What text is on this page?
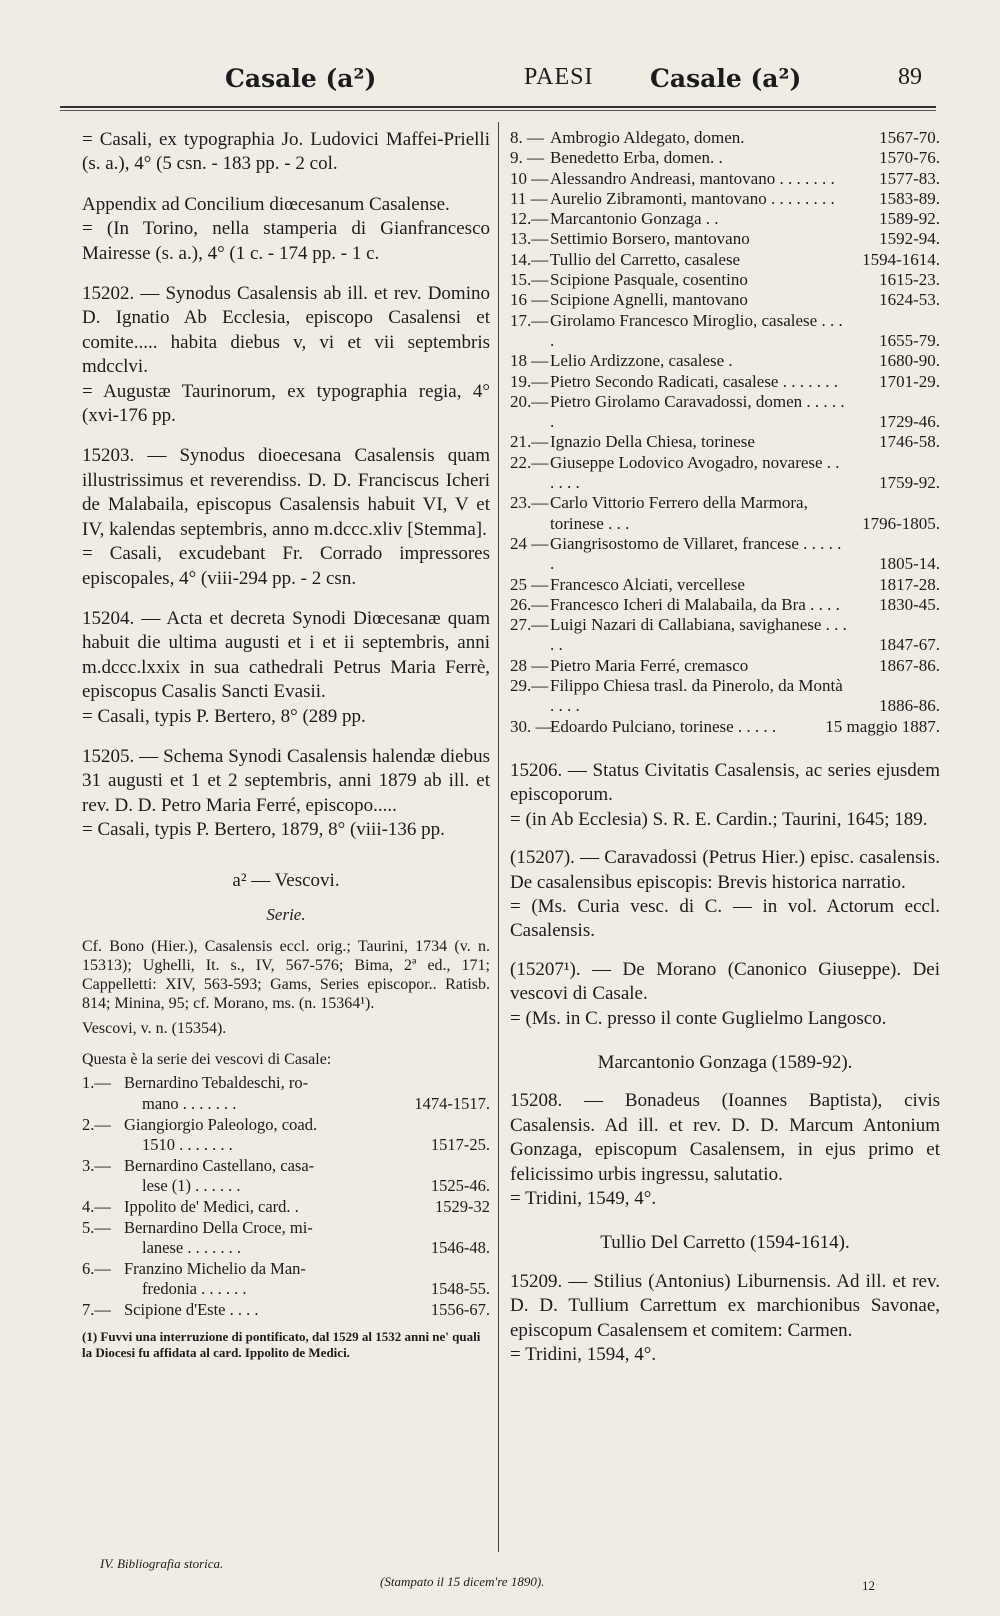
Casale (a²)	PAESI Casale (a²)	89

= Casali, ex typographia Jo. Ludovici Maffei-Prielli (s. a.), 4° (5 csn. - 183 pp. - 2 col.

Appendix ad Concilium diœcesanum Casalense.

= (In Torino, nella stamperia di Gianfrancesco Mairesse (s. a.), 4° (1 c. - 174 pp. - 1 c.

15202. — Synodus Casalensis ab ill. et rev. Domino D. Ignatio Ab Ecclesia, episcopo Casalensi et comite..... habita diebus v, vi et vii septembris mdcclvi.

= Augustæ Taurinorum, ex typographia regia, 4° (xvi-176 pp.

15203. — Synodus dioecesana Casalensis quam illustrissimus et reverendiss. D. D. Franciscus Icheri de Malabaila, episcopus Casalensis habuit VI, V et IV, kalendas septembris, anno m.dccc.xliv [Stemma].

= Casali, excudebant Fr. Corrado impressores episcopales, 4° (viii-294 pp. - 2 csn.

15204. — Acta et decreta Synodi Diœcesanæ quam habuit die ultima augusti et i et ii septembris, anni m.dccc.lxxix in sua cathedrali Petrus Maria Ferrè, episcopus Casalis Sancti Evasii.

= Casali, typis P. Bertero, 8° (289 pp.

15205. — Schema Synodi Casalensis halendæ diebus 31 augusti et 1 et 2 septembris, anni 1879 ab ill. et rev. D. D. Petro Maria Ferré, episcopo.....

= Casali, typis P. Bertero, 1879, 8° (viii-136 pp.

a² — Vescovi.

Serie.

Cf. Bono (Hier.), Casalensis eccl. orig.; Taurini, 1734 (v. n. 15313); Ughelli, It. s., IV, 567-576; Bima, 2ª ed., 171; Cappelletti: XIV, 563-593; Gams, Series episcopor.. Ratisb. 814; Minina, 95; cf. Morano, ms. (n. 15364¹).

Vescovi, v. n. (15354).

Questa è la serie dei vescovi di Casale:

1.— Bernardino Tebaldeschi, ro-
mano . . . . . . .	1474-1517.
2.— Giangiorgio Paleologo, coad.
1510 . . . . . . .	1517-25.
3.— Bernardino Castellano, casa-
lese (1) . . . . . .	1525-46.
4.— Ippolito de' Medici, card. .	1529-32
5.— Bernardino Della Croce, mi-
lanese . . . . . . .	1546-48.
6.— Franzino Michelio da Man-
fredonia . . . . . .	1548-55.
7.— Scipione d'Este . . . .	1556-67.

(1) Fuvvi una interruzione di pontificato, dal 1529 al 1532 anni ne' quali la Diocesi fu affidata al card. Ippolito de Medici.

8. — Ambrogio Aldegato, domen.	1567-70.
9. — Benedetto Erba, domen. .	1570-76.
10 — Alessandro Andreasi, mantovano . . . . . . .	1577-83.
11 — Aurelio Zibramonti, mantovano . . . . . . . .	1583-89.
12.— Marcantonio Gonzaga . .	1589-92.
13.— Settimio Borsero, mantovano	1592-94.
14.— Tullio del Carretto, casalese	1594-1614.
15.— Scipione Pasquale, cosentino	1615-23.
16 — Scipione Agnelli, mantovano	1624-53.
17.— Girolamo Francesco Miroglio, casalese . . . .	1655-79.
18 — Lelio Ardizzone, casalese .	1680-90.
19.— Pietro Secondo Radicati, casalese . . . . . . .	1701-29.
20.— Pietro Girolamo Caravadossi, domen . . . . . .	1729-46.
21.— Ignazio Della Chiesa, torinese	1746-58.
22.— Giuseppe Lodovico Avogadro, novarese . . . . . .	1759-92.
23.— Carlo Vittorio Ferrero della Marmora, torinese . . .	1796-1805.
24 — Giangrisostomo de Villaret, francese . . . . . .	1805-14.
25 — Francesco Alciati, vercellese	1817-28.
26.— Francesco Icheri di Malabaila, da Bra . . . .	1830-45.
27.— Luigi Nazari di Callabiana, savighanese . . . . .	1847-67.
28 — Pietro Maria Ferré, cremasco	1867-86.
29.— Filippo Chiesa trasl. da Pinerolo, da Montà . . . .	1886-86.
30. —
Edoardo Pulciano, torinese . . . . .	15 maggio 1887.

15206. — Status Civitatis Casalensis, ac series ejusdem episcoporum.

= (in Ab Ecclesia) S. R. E. Cardin.; Taurini, 1645; 189.

(15207). — Caravadossi (Petrus Hier.) episc. casalensis. De casalensibus episcopis: Brevis historica narratio.

= (Ms. Curia vesc. di C. — in vol. Actorum eccl. Casalensis.

(15207¹). — De Morano (Canonico Giuseppe). Dei vescovi di Casale.

= (Ms. in C. presso il conte Guglielmo Langosco.

Marcantonio Gonzaga (1589-92).

15208. — Bonadeus (Ioannes Baptista), civis Casalensis. Ad ill. et rev. D. D. Marcum Antonium Gonzaga, episcopum Casalensem, in ejus primo et felicissimo urbis ingressu, salutatio.

= Tridini, 1549, 4°.

Tullio Del Carretto (1594-1614).

15209. — Stilius (Antonius) Liburnensis. Ad ill. et rev. D. D. Tullium Carrettum ex marchionibus Savonae, episcopum Casalensem et comitem: Carmen.

= Tridini, 1594, 4°.

IV. Bibliografia storica.
(Stampato il 15 dicem're 1890).	12
